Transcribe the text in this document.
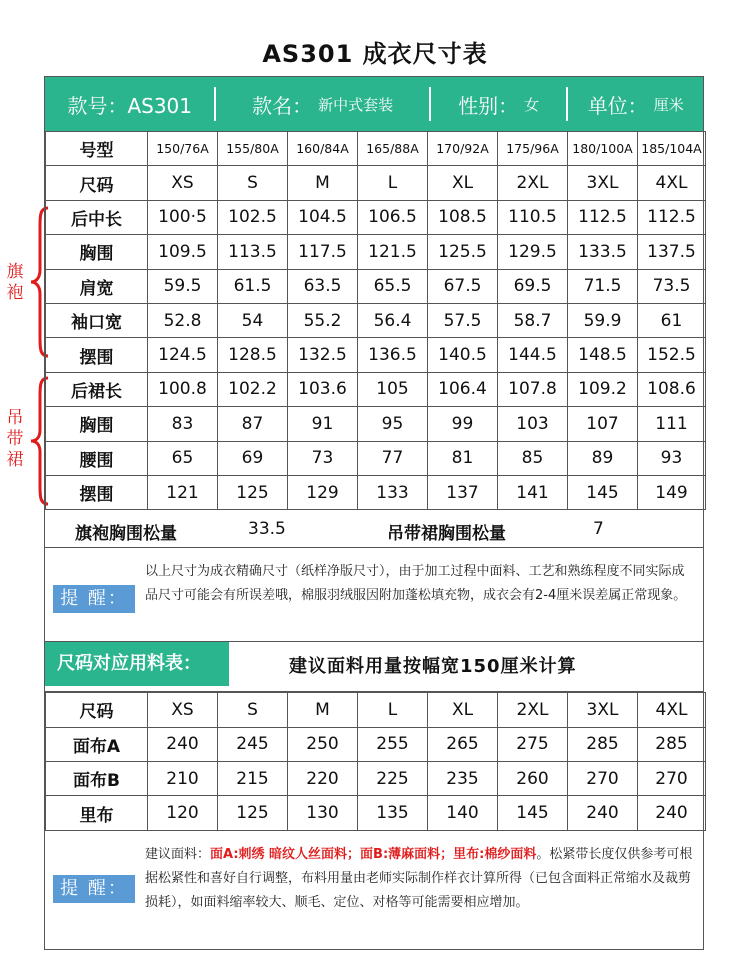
AS301 成衣尺寸表
旗袍
吊带裙
款号：AS301	款名： 新中式套装	性别： 女 单位： 厘米
号型	150/76A	155/80A	160/84A	165/88A	170/92A	175/96A	180/100A	185/104A
尺码	XS	S	M	L	XL	2XL	3XL	4XL
后中长	100·5	102.5	104.5	106.5	108.5	110.5	112.5	112.5
胸围	109.5	113.5	117.5	121.5	125.5	129.5	133.5	137.5
肩宽	59.5	61.5	63.5	65.5	67.5	69.5	71.5	73.5
袖口宽	52.8	54	55.2	56.4	57.5	58.7	59.9	61
摆围	124.5	128.5	132.5	136.5	140.5	144.5	148.5	152.5
后裙长	100.8	102.2	103.6	105	106.4	107.8	109.2	108.6
胸围	83	87	91	95	99	103	107	111
腰围	65	69	73	77	81	85	89	93
摆围	121	125	129	133	137	141	145	149
旗袍胸围松量	33.5	吊带裙胸围松量	7
提 醒：
以上尺寸为成衣精确尺寸（纸样净版尺寸），由于加工过程中面料、工艺和熟练程度不同实际成品尺寸可能会有所误差哦，棉服羽绒服因附加蓬松填充物，成衣会有2-4厘米误差属正常现象。
尺码对应用料表：	建议面料用量按幅宽150厘米计算
尺码	XS	S	M	L	XL	2XL	3XL	4XL
面布A	240	245	250	255	265	275	285	285
面布B	210	215	220	225	235	260	270	270
里布	120	125	130	135	140	145	240	240
提 醒：
建议面料：面A:刺绣 暗纹人丝面料；面B:薄麻面料；里布:棉纱面料。松紧带长度仅供参考可根据松紧性和喜好自行调整，布料用量由老师实际制作样衣计算所得（已包含面料正常缩水及裁剪损耗），如面料缩率较大、顺毛、定位、对格等可能需要相应增加。
